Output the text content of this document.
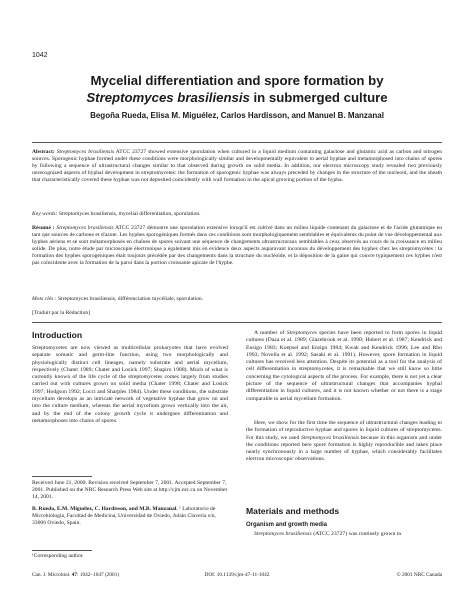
1042
Mycelial differentiation and spore formation by
Streptomyces brasiliensis in submerged culture
Begoña Rueda, Elisa M. Miguélez, Carlos Hardisson, and Manuel B. Manzanal

Abstract: Streptomyces brasiliensis ATCC 23727 showed extensive sporulation when cultured in a liquid medium containing galactose and glutamic acid as carbon and nitrogen sources. Sporogenic hyphae formed under these conditions were morphologically similar and developmentally equivalent to aerial hyphae and metamorphosed into chains of spores by following a sequence of ultrastructural changes similar to that observed during growth on solid media. In addition, our electron microscopy study revealed two previously unrecognized aspects of hyphal development in streptomycetes: the formation of sporogenic hyphae was always preceded by changes in the structure of the nucleoid, and the sheath that characteristically covered these hyphae was not deposited coincidently with wall formation in the apical growing portion of the hypha.

Key words: Streptomyces brasiliensis, mycelial differentiation, sporulation.

Résumé : Streptomyces brasiliensis ATCC 23727 démontre une sporulation extensive lorsqu'il est cultivé dans un milieu liquide contenant du galactose et de l'acide glutamique en tant que sources de carbone et d'azote. Les hyphes sporogéniques formés dans ces conditions sont morphologiquement semblables et équivalents du point de vue développemental aux hyphes aériens et se sont métamorphosés en chaînes de spores suivant une séquence de changements ultrastructuraux semblables à ceux observés au cours de la croissance en milieu solide. De plus, notre étude par microscopie électronique a également mis en évidence deux aspects auparavant inconnus du développement des hyphes chez les streptomycètes : la formation des hyphes sporogéniques était toujours précédée par des changements dans la structure du nucléoïde, et la déposition de la gaine qui couvre typiquement ces hyphes n'est pas coïncidente avec la formation de la paroi dans la portion croissante apicale de l'hyphe.

Mots clés : Streptomyces brasiliensis, différenciation mycéliale, sporulation.

[Traduit par la Rédaction]

Introduction

Streptomycetes are now viewed as multicellular prokaryotes that have evolved separate somatic and germ-line function, using two morphologically and physiologically distinct cell lineages, namely substrate and aerial mycelium, respectively (Chater 1989; Chater and Losick 1997; Shapiro 1988). Much of what is currently known of the life cycle of the streptomycetes comes largely from studies carried out with cultures grown on solid media (Chater 1998; Chater and Losick 1997; Hodgson 1992; Locci and Sharples 1984). Under these conditions, the substrate mycelium develops as an intricate network of vegetative hyphae that grow on and into the culture medium, whereas the aerial mycelium grows vertically into the air, and by the end of the colony growth cycle it undergoes differentiation and metamorphoses into chains of spores.

Received June 21, 2000. Revision received September 7, 2001. Accepted September 7, 2001. Published on the NRC Research Press Web site at http://cjm.nrc.ca on November 14, 2001.

B. Rueda, E.M. Miguélez, C. Hardisson, and M.B. Manzanal. ¹ Laboratorio de Microbiología, Facultad de Medicina, Universidad de Oviedo, Julián Clavería s/n, 33006 Oviedo, Spain.

¹Corresponding author.

A number of Streptomyces species have been reported to form spores in liquid cultures (Daza et al. 1989; Glazebrook et al. 1990; Hubert et al. 1987; Kendrick and Ensign 1983; Koepsel and Ensign 1984; Kwak and Kendrick 1996; Lee and Rho 1993; Novella et al. 1992; Sasaki et al. 1991). However, spore formation in liquid cultures has received less attention. Despite its potential as a tool for the analysis of cell differentiation in streptomycetes, it is remarkable that we still know so little concerning the cytological aspects of the process. For example, there is not yet a clear picture of the sequence of ultrastructural changes that accompanies hyphal differentiation in liquid cultures, and it is not known whether or not there is a stage comparable to aerial mycelium formation.

Here, we show for the first time the sequence of ultrastructural changes leading to the formation of reproductive hyphae and spores in liquid cultures of streptomycetes. For this study, we used Streptomyces brasiliensis because in this organism and under the conditions reported here spore formation is highly reproducible and takes place nearly synchronously in a large number of hyphae, which considerably facilitates electron microscopic observations.

Materials and methods
Organism and growth media

Streptomyces brasiliensis (ATCC 23727) was routinely grown in

Can. J. Microbiol. 47: 1042–1047 (2001)	DOI: 10.1139/cjm-47-11-1042	© 2001 NRC Canada
